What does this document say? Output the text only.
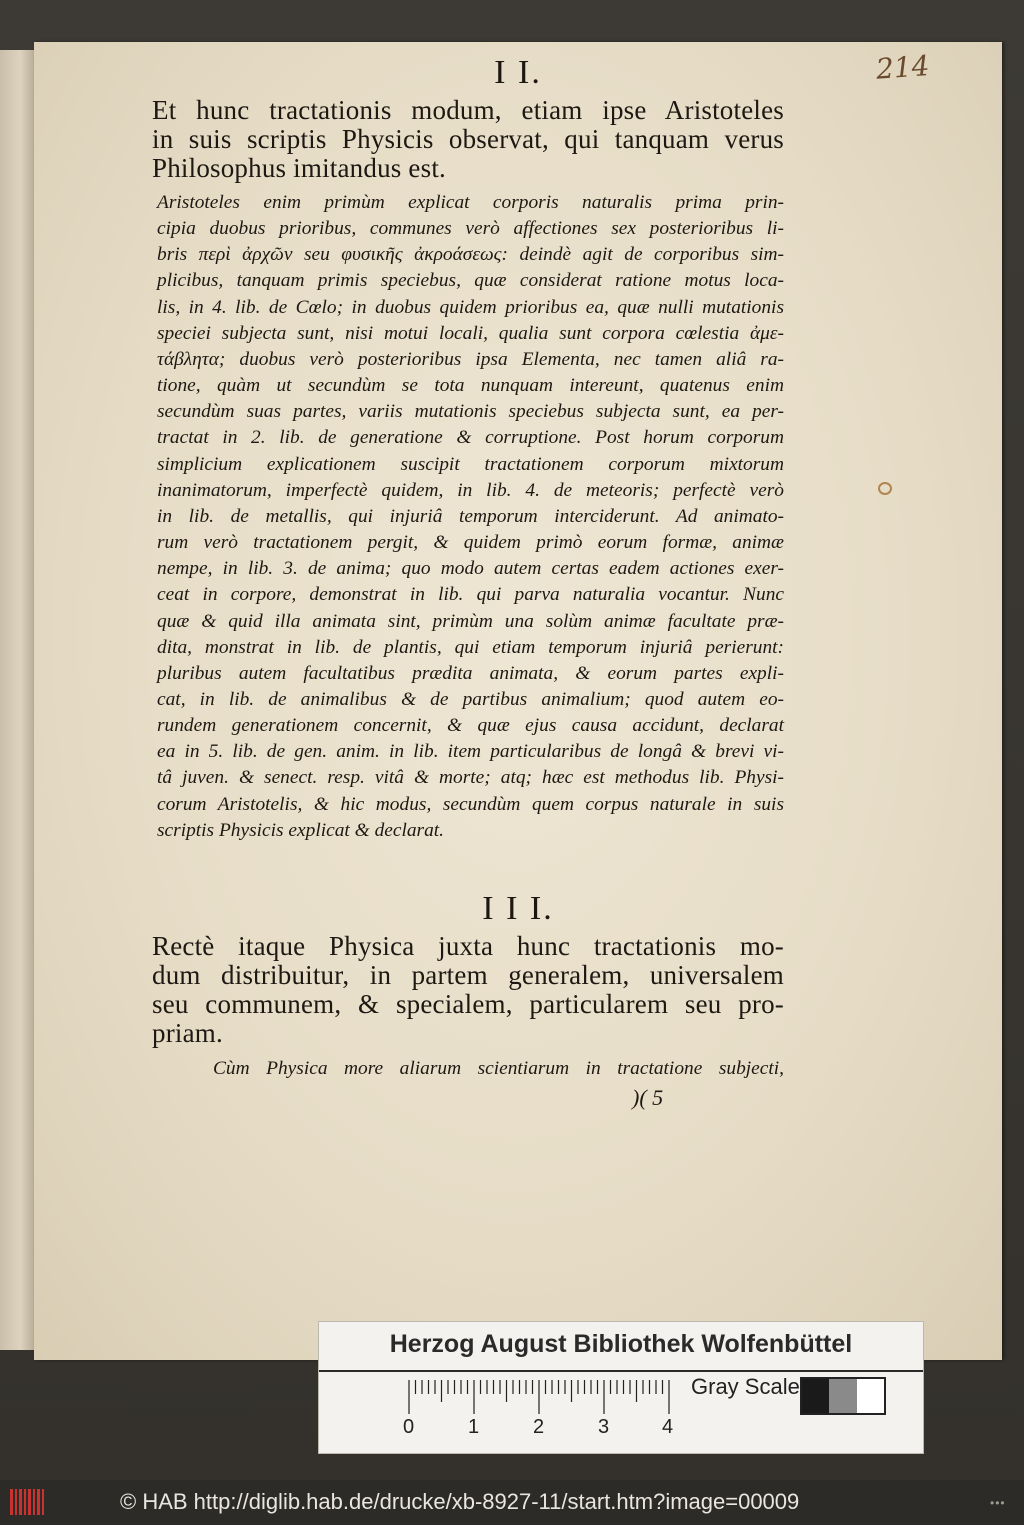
214
I I.
Et hunc tractationis modum, etiam ipse Aristoteles
in suis scriptis Physicis observat, qui tanquam verus
Philosophus imitandus est.
Aristoteles enim primùm explicat corporis naturalis prima prin-
cipia duobus prioribus, communes verò affectiones sex posterioribus li-
bris περὶ ἀρχῶν seu φυσικῆς ἀκροάσεως: deindè agit de corporibus sim-
plicibus, tanquam primis speciebus, quæ considerat ratione motus loca-
lis, in 4. lib. de Cœlo; in duobus quidem prioribus ea, quæ nulli mutationis
speciei subjecta sunt, nisi motui locali, qualia sunt corpora cœlestia ἀμε-
τάβλητα; duobus verò posterioribus ipsa Elementa, nec tamen aliâ ra-
tione, quàm ut secundùm se tota nunquam intereunt, quatenus enim
secundùm suas partes, variis mutationis speciebus subjecta sunt, ea per-
tractat in 2. lib. de generatione & corruptione. Post horum corporum
simplicium explicationem suscipit tractationem corporum mixtorum
inanimatorum, imperfectè quidem, in lib. 4. de meteoris; perfectè verò
in lib. de metallis, qui injuriâ temporum interciderunt. Ad animato-
rum verò tractationem pergit, & quidem primò eorum formæ, animæ
nempe, in lib. 3. de anima; quo modo autem certas eadem actiones exer-
ceat in corpore, demonstrat in lib. qui parva naturalia vocantur. Nunc
quæ & quid illa animata sint, primùm una solùm animæ facultate præ-
dita, monstrat in lib. de plantis, qui etiam temporum injuriâ perierunt:
pluribus autem facultatibus prædita animata, & eorum partes expli-
cat, in lib. de animalibus & de partibus animalium; quod autem eo-
rundem generationem concernit, & quæ ejus causa accidunt, declarat
ea in 5. lib. de gen. anim. in lib. item particularibus de longâ & brevi vi-
tâ juven. & senect. resp. vitâ & morte; atq; hæc est methodus lib. Physi-
corum Aristotelis, & hic modus, secundùm quem corpus naturale in suis
scriptis Physicis explicat & declarat.
I I I.
Rectè itaque Physica juxta hunc tractationis mo-
dum distribuitur, in partem generalem, universalem
seu communem, & specialem, particularem seu pro-
priam.
Cùm Physica more aliarum scientiarum in tractatione subjecti,
)( 5
Herzog August Bibliothek Wolfenbüttel
0	1	2	3	4
Gray Scale
© HAB http://diglib.hab.de/drucke/xb-8927-11/start.htm?image=00009	•••
